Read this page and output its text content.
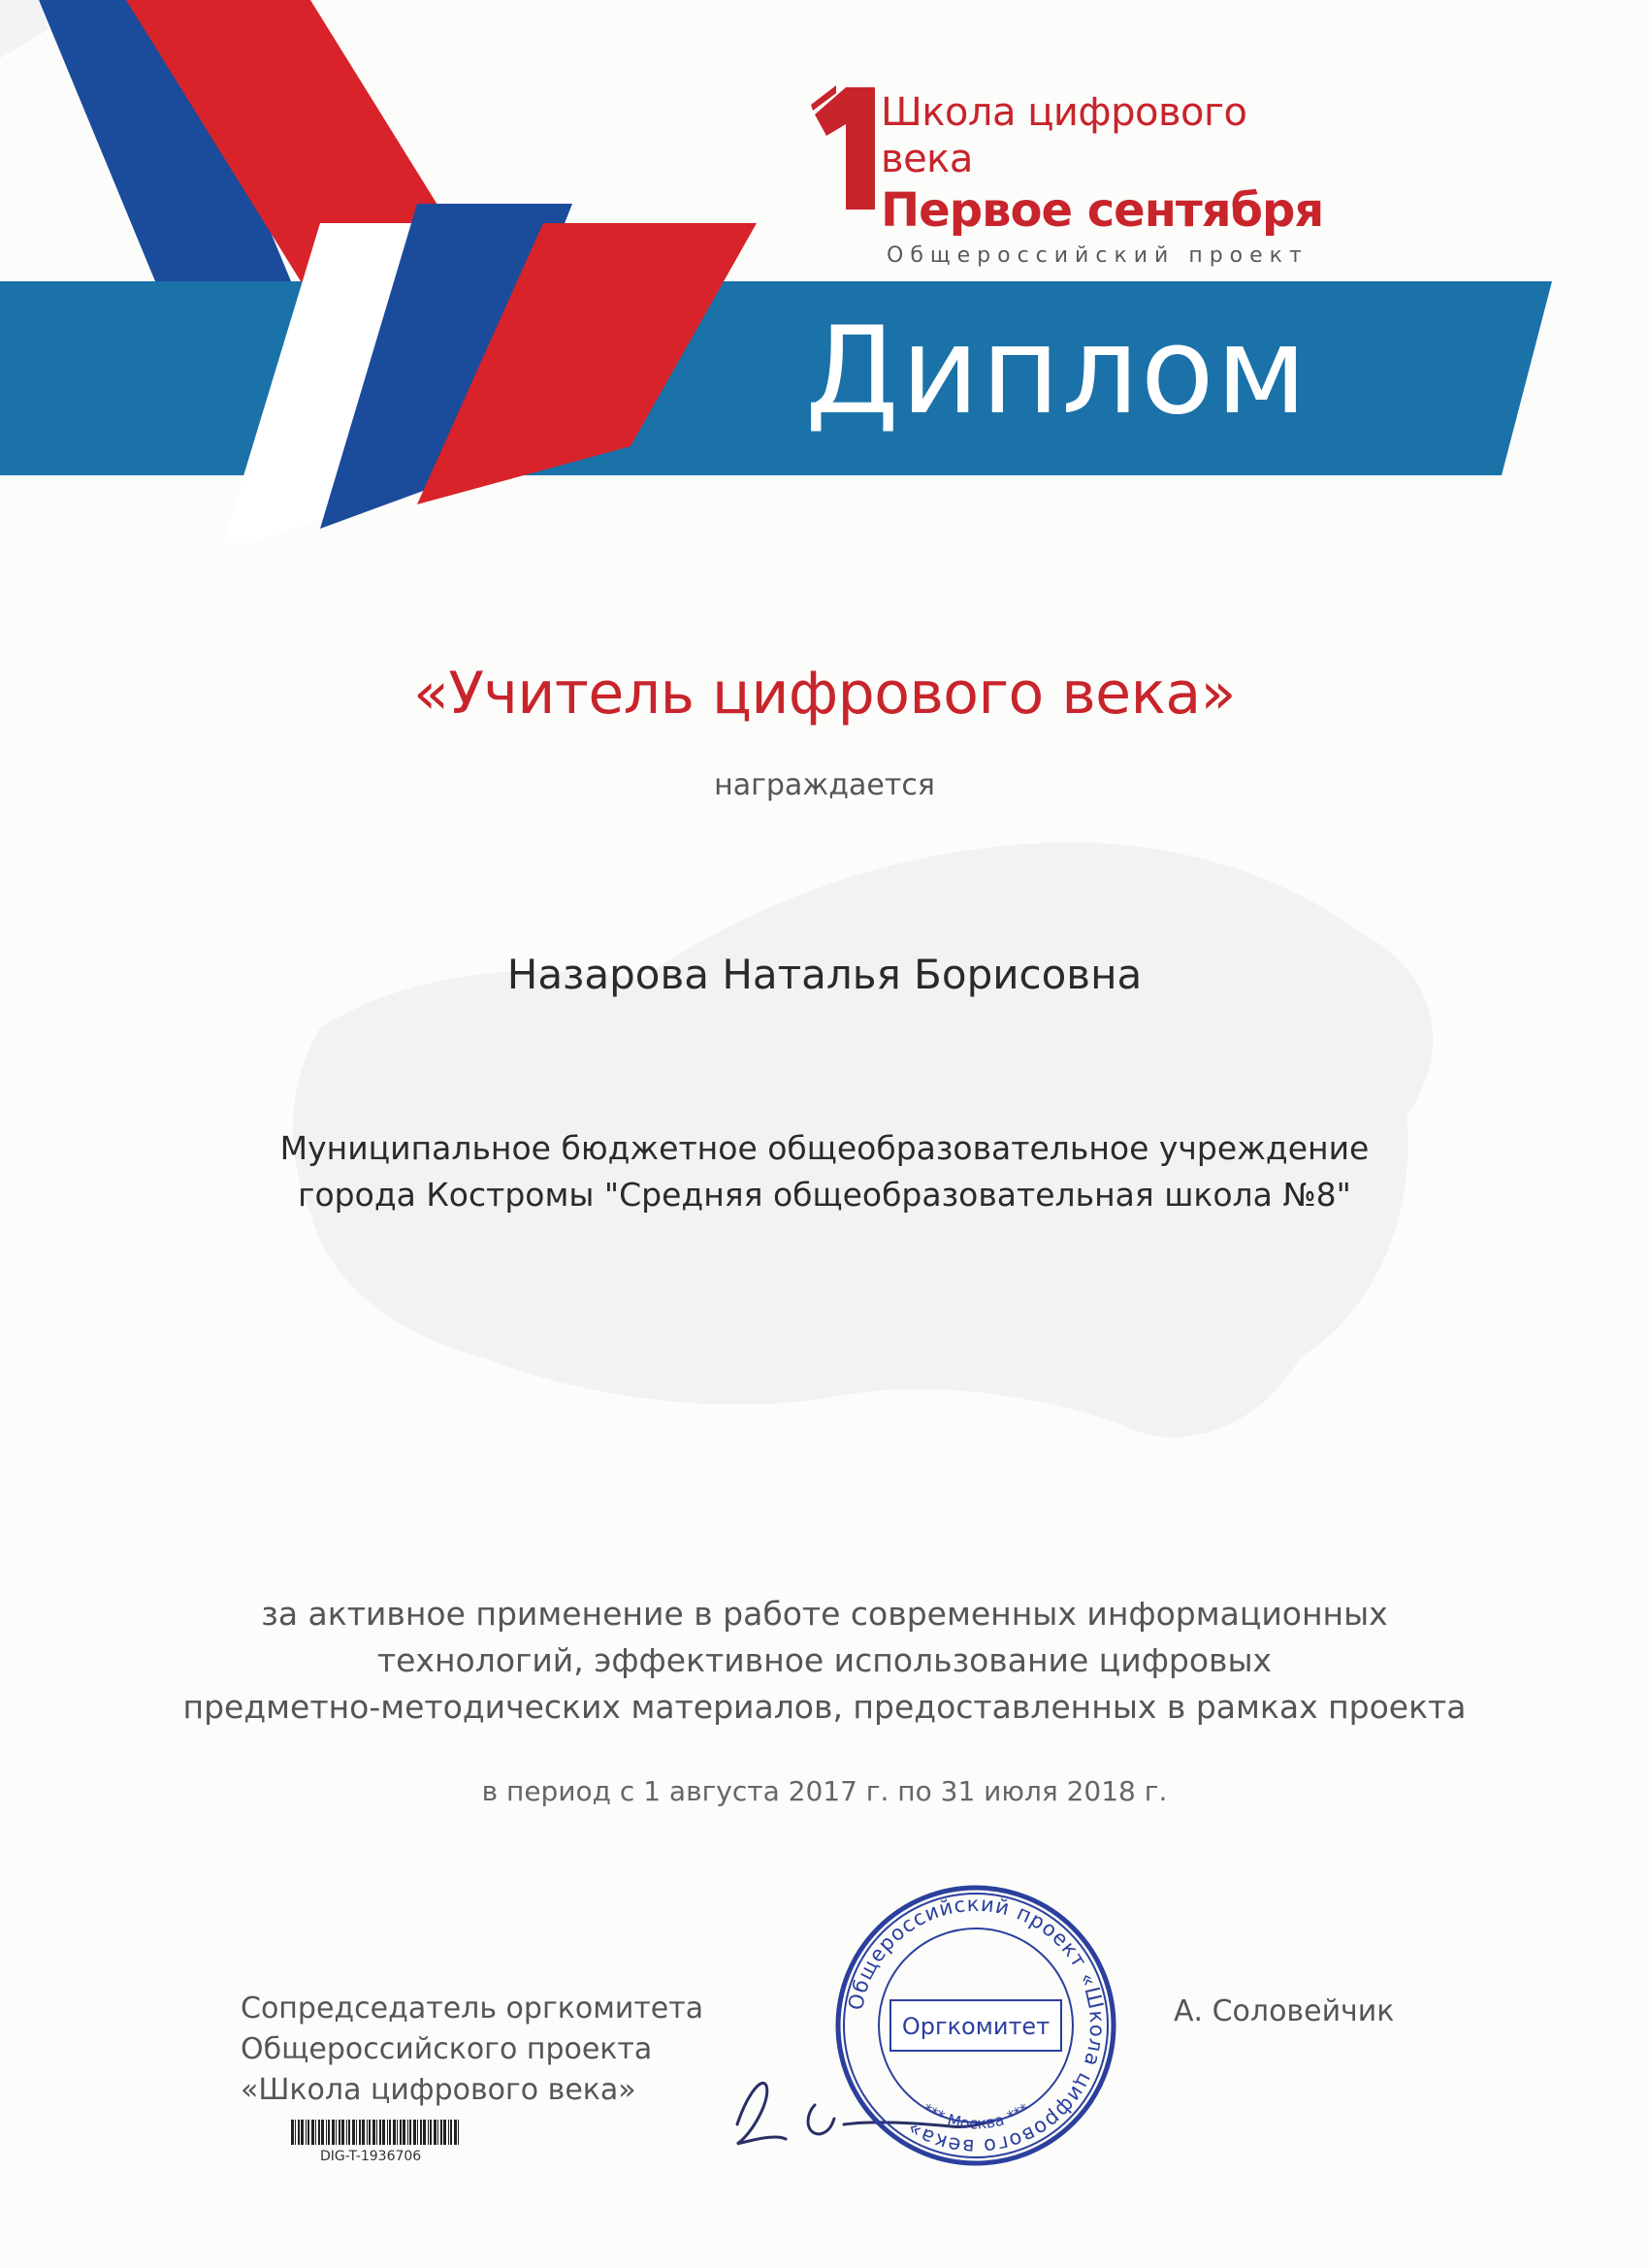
Школа цифрового века
Первое сентября
Общероссийский проект
Диплом
«Учитель цифрового века»
награждается
Назарова Наталья Борисовна
Муниципальное бюджетное общеобразовательное учреждение
города Костромы "Средняя общеобразовательная школа №8"
за активное применение в работе современных информационных
технологий, эффективное использование цифровых
предметно-методических материалов, предоставленных в рамках проекта
в период с 1 августа 2017 г. по 31 июля 2018 г.
Сопредседатель оргкомитета
Общероссийского проекта
«Школа цифрового века»
А. Соловейчик
Общероссийский проект «Школа цифрового века»
Оргкомитет
*** Москва ***
DIG-T-1936706
